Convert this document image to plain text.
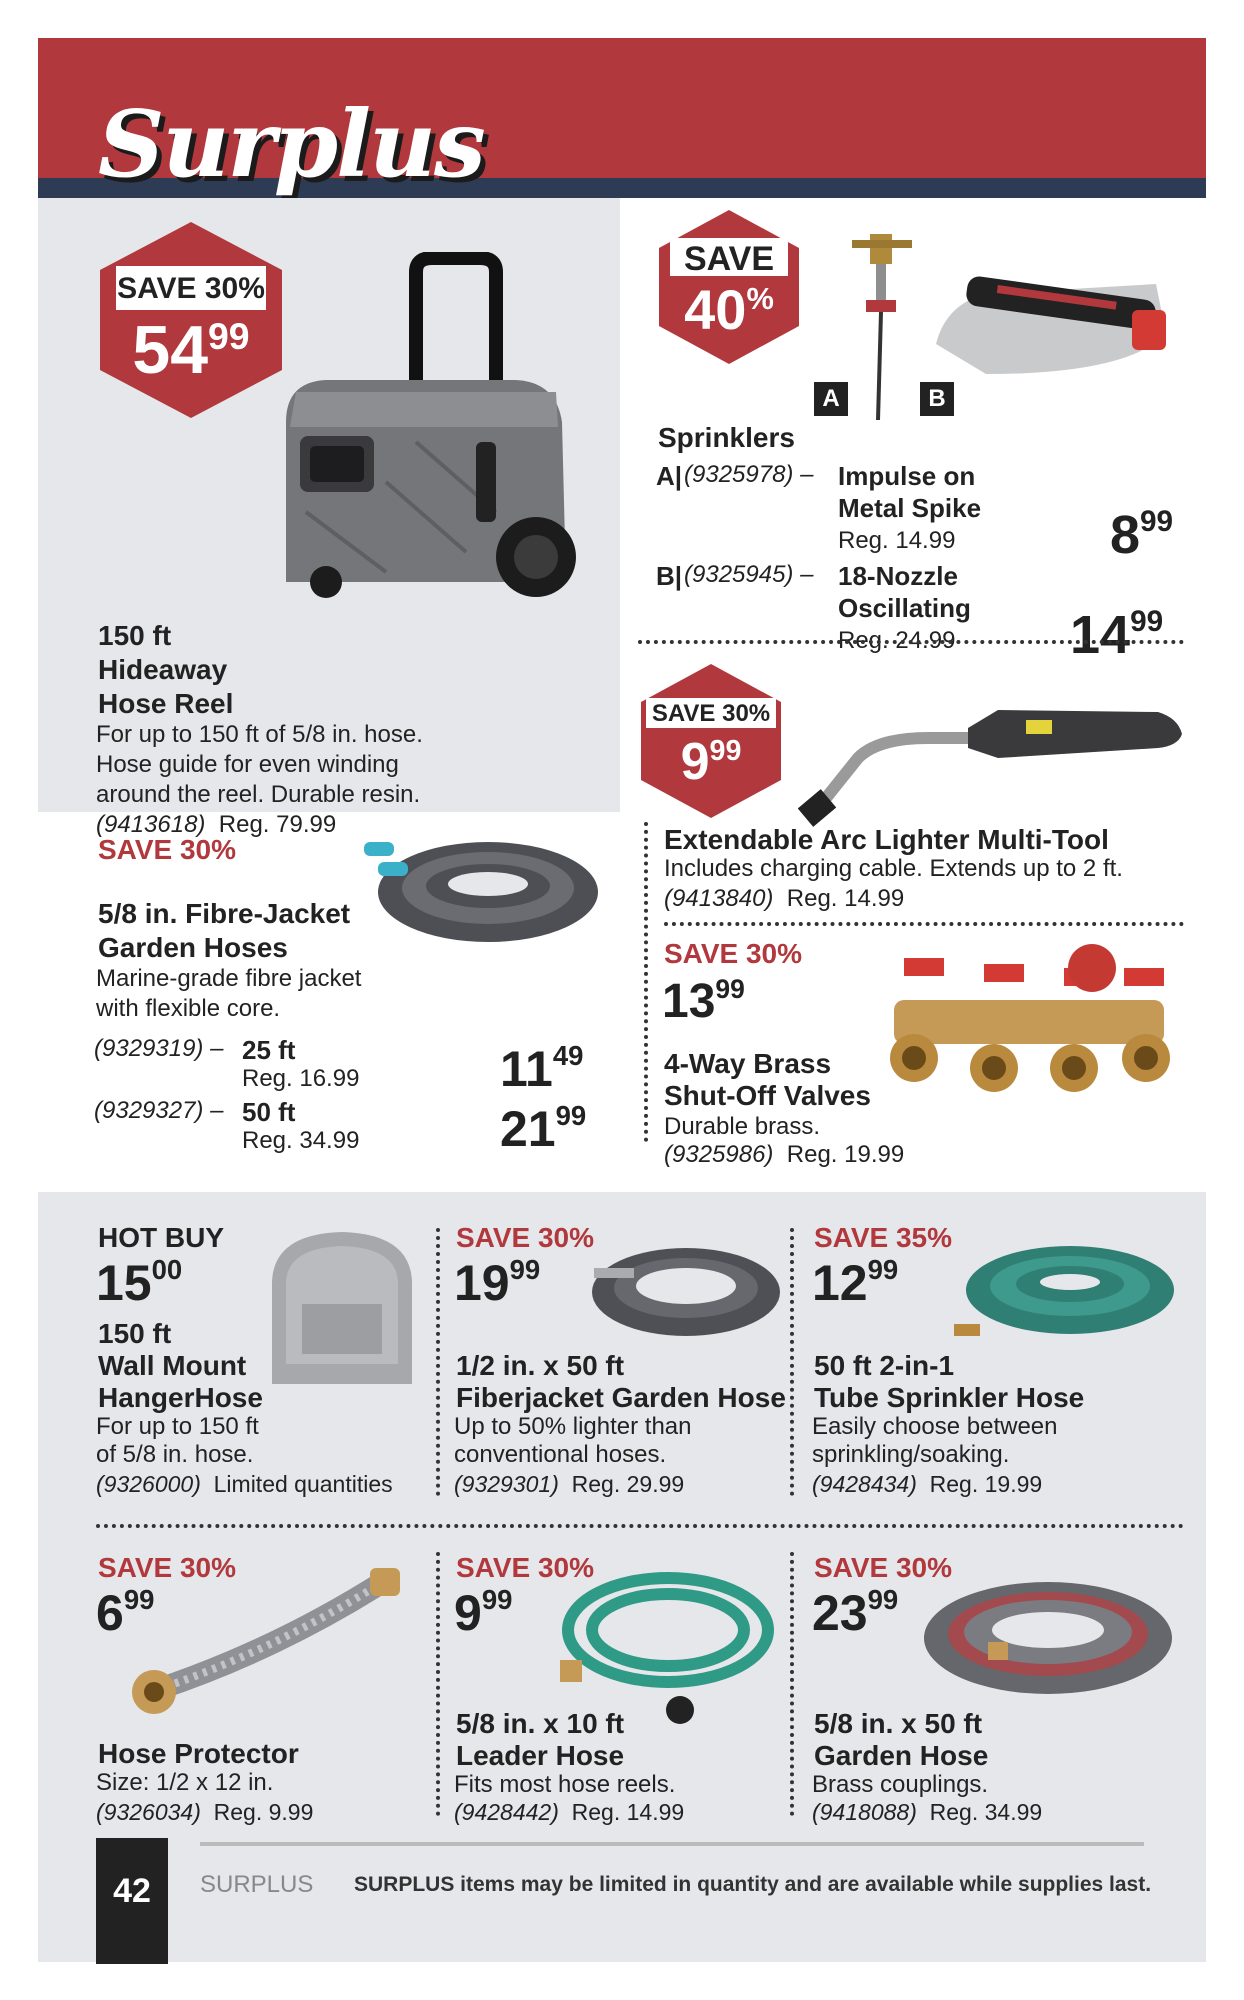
Surplus
SAVE 30%
$54^{99}$
150 ft
Hideaway
Hose Reel
For up to 150 ft of 5/8 in. hose.
Hose guide for even winding
around the reel. Durable resin.
(9413618) Reg. 79.99
SAVE
40%
A	B
Sprinklers
A| (9325978) – Impulse on
Metal Spike
Reg. 14.99	$8^{99}$
B| (9325945) – 18-Nozzle
Oscillating
Reg. 24.99 $14^{99}$
SAVE 30%
$9^{99}$
Extendable Arc Lighter Multi-Tool
Includes charging cable. Extends up to 2 ft.
(9413840) Reg. 14.99
SAVE 30%
5/8 in. Fibre-Jacket
Garden Hoses
Marine-grade fibre jacket
with flexible core.
(9329319) – 25 ft
Reg. 16.99	$11^{49}$
(9329327) – 50 ft
Reg. 34.99	$21^{99}$
SAVE 30%
$13^{99}$
4-Way Brass
Shut-Off Valves
Durable brass.
(9325986) Reg. 19.99
HOT BUY
$15^{00}$
150 ft
Wall Mount
HangerHose
For up to 150 ft
of 5/8 in. hose.
(9326000) Limited quantities
SAVE 30%
$19^{99}$
1/2 in. x 50 ft
Fiberjacket Garden Hose
Up to 50% lighter than
conventional hoses.
(9329301) Reg. 29.99
SAVE 35%
$12^{99}$
50 ft 2-in-1
Tube Sprinkler Hose
Easily choose between
sprinkling/soaking.
(9428434) Reg. 19.99
SAVE 30%
$6^{99}$
Hose Protector
Size: 1/2 x 12 in.
(9326034) Reg. 9.99
SAVE 30%
$9^{99}$
5/8 in. x 10 ft
Leader Hose
Fits most hose reels.
(9428442) Reg. 14.99
SAVE 30%
$23^{99}$
5/8 in. x 50 ft
Garden Hose
Brass couplings.
(9418088) Reg. 34.99
42	SURPLUS SURPLUS items may be limited in quantity and are available while supplies last.
